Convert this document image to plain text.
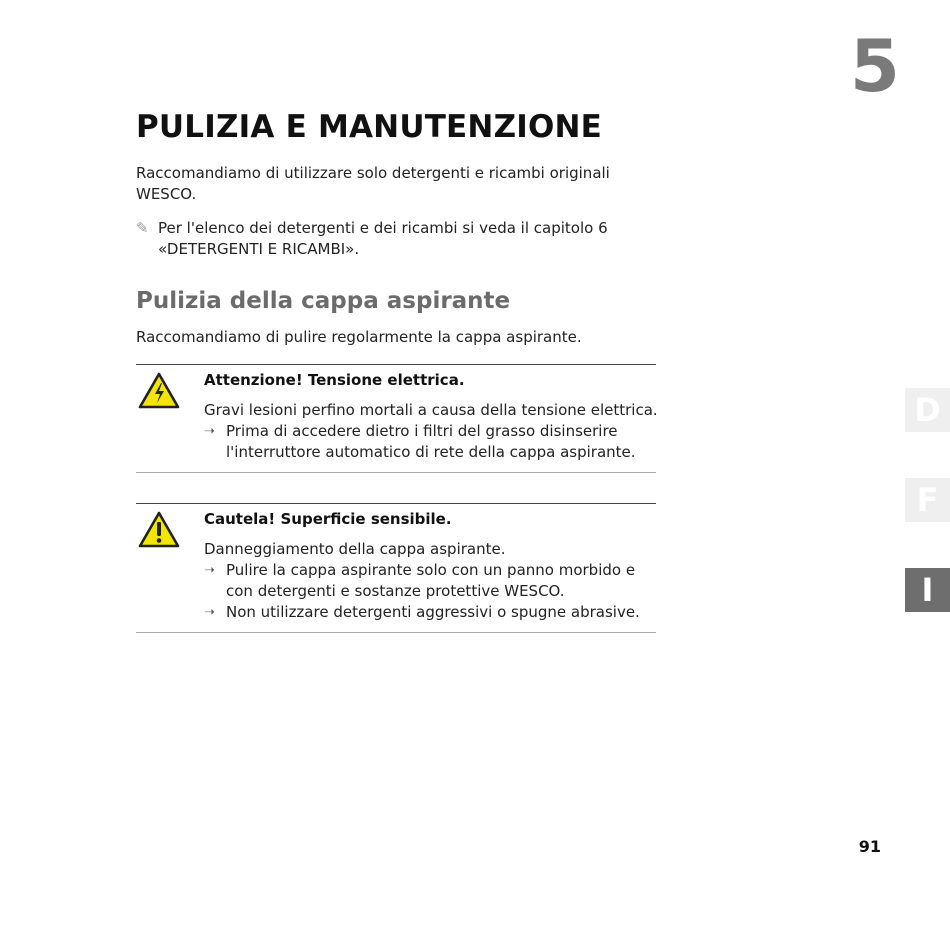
5
PULIZIA E MANUTENZIONE

Raccomandiamo di utilizzare solo detergenti e ricambi originali WESCO.

✎ Per l'elenco dei detergenti e dei ricambi si veda il capitolo 6 «DETERGENTI E RICAMBI».

Pulizia della cappa aspirante

Raccomandiamo di pulire regolarmente la cappa aspirante.

Attenzione! Tensione elettrica.

Gravi lesioni perfino mortali a causa della tensione elettrica.

➝ Prima di accedere dietro i filtri del grasso disinserire l'interruttore automatico di rete della cappa aspirante.

Cautela! Superficie sensibile.

Danneggiamento della cappa aspirante.

➝ Pulire la cappa aspirante solo con un panno morbido e con detergenti e sostanze protettive WESCO.

➝ Non utilizzare detergenti aggressivi o spugne abrasive.

D
F
I
91
